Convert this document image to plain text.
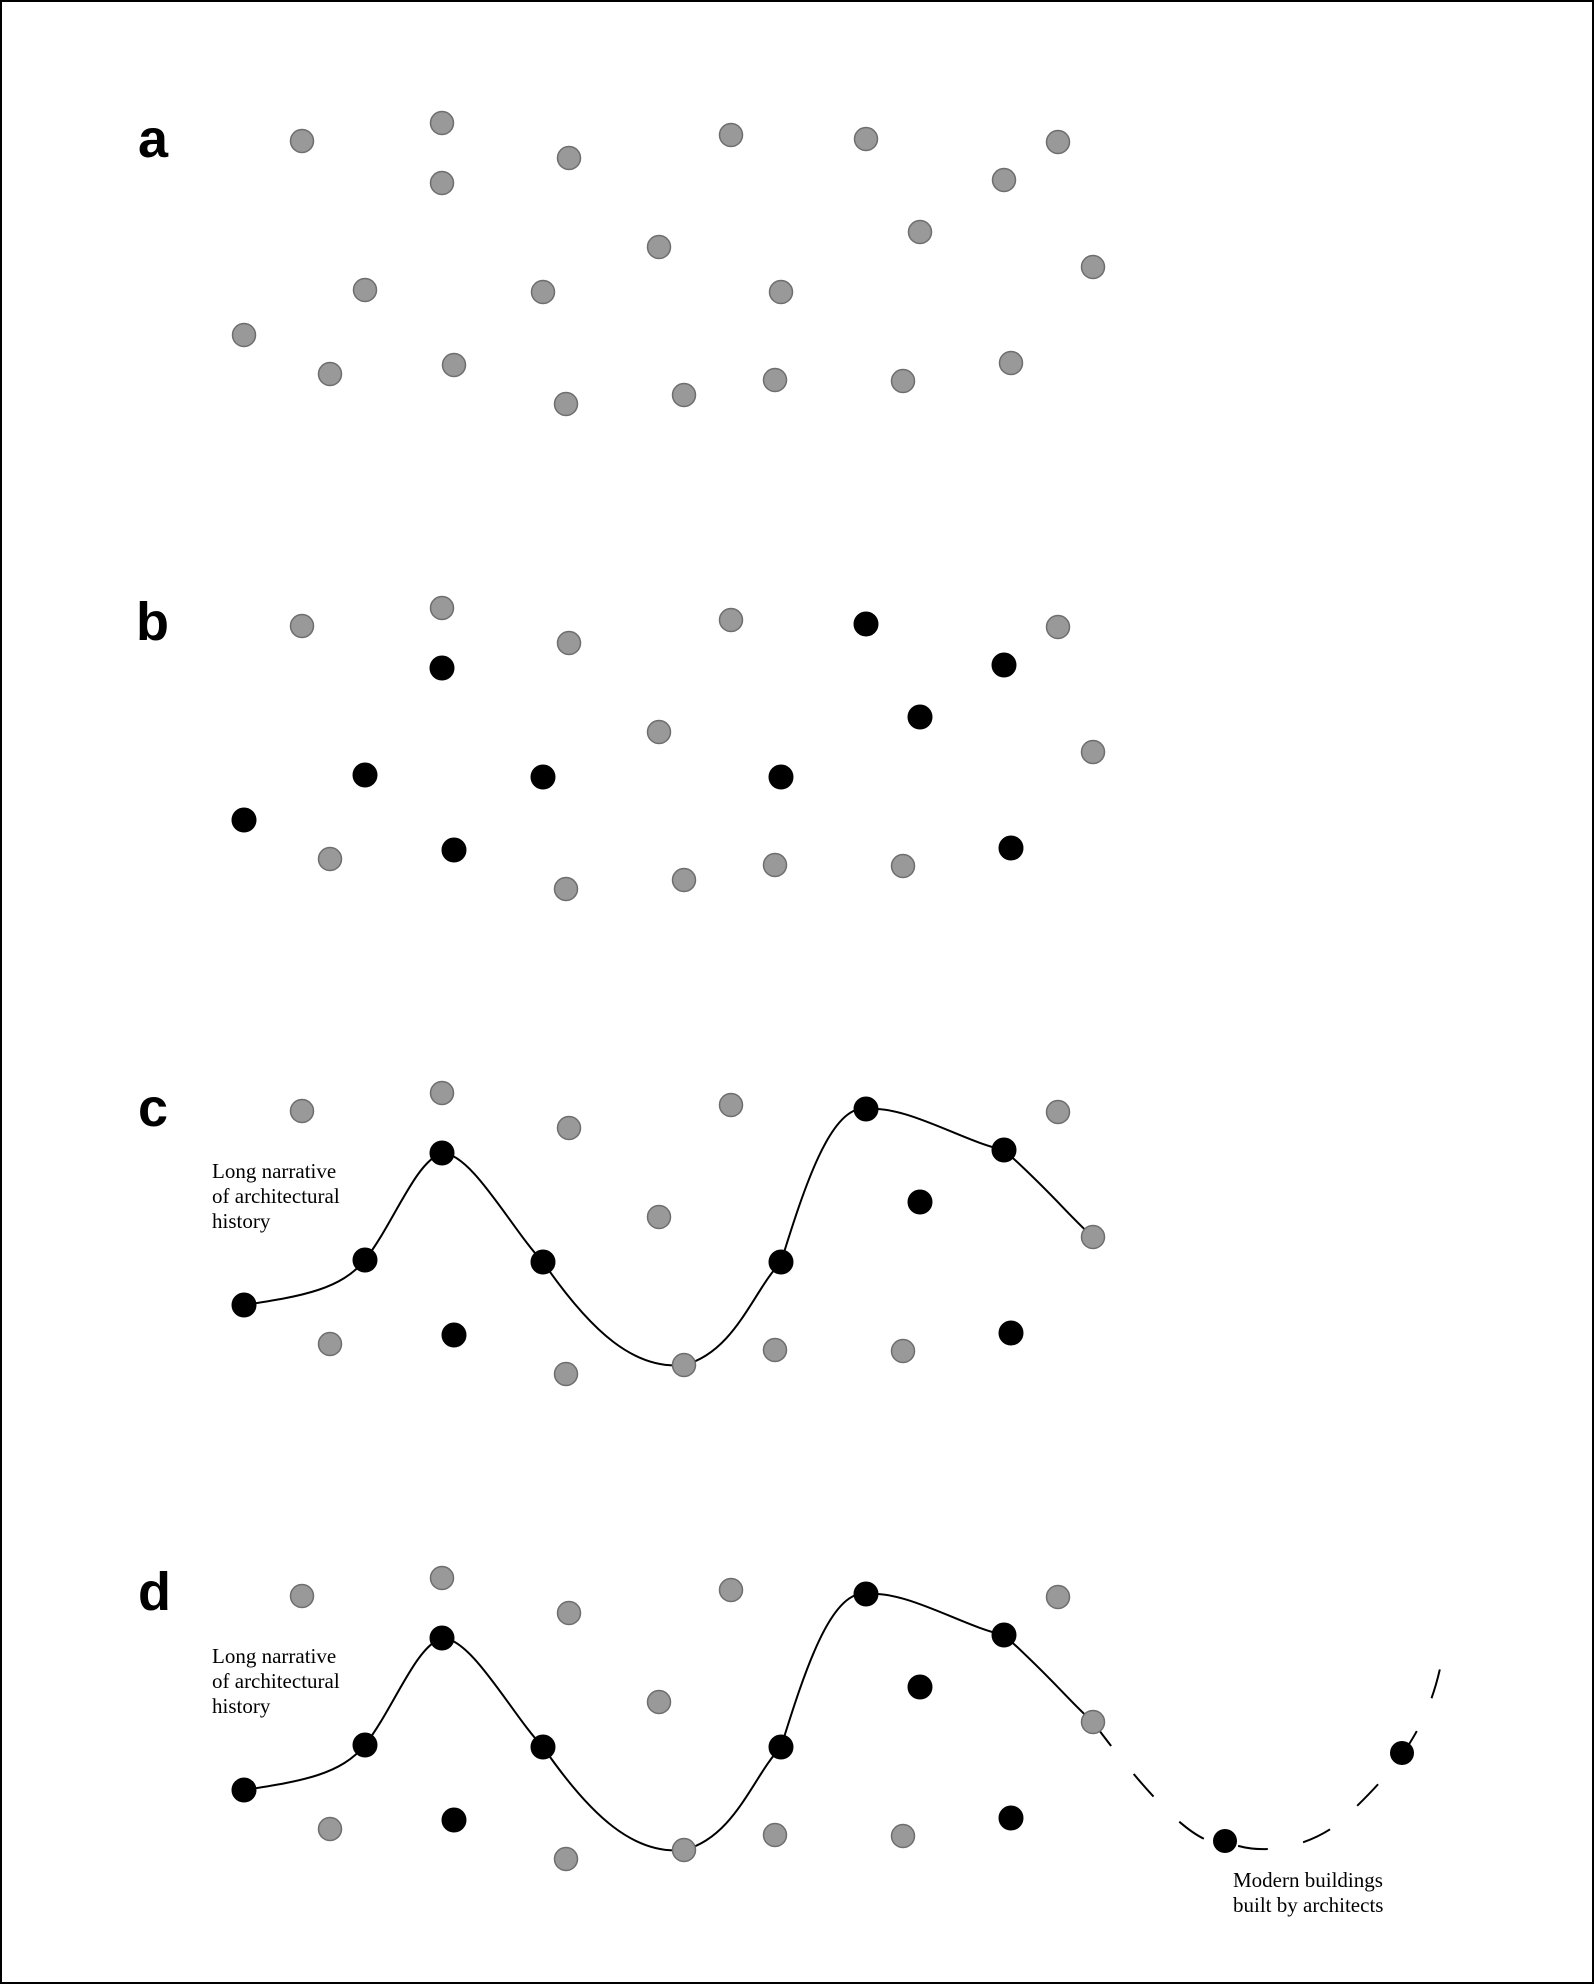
a
b
c
Long narrative of architectural history
d
Long narrative of architectural history
Modern buildings built by architects
